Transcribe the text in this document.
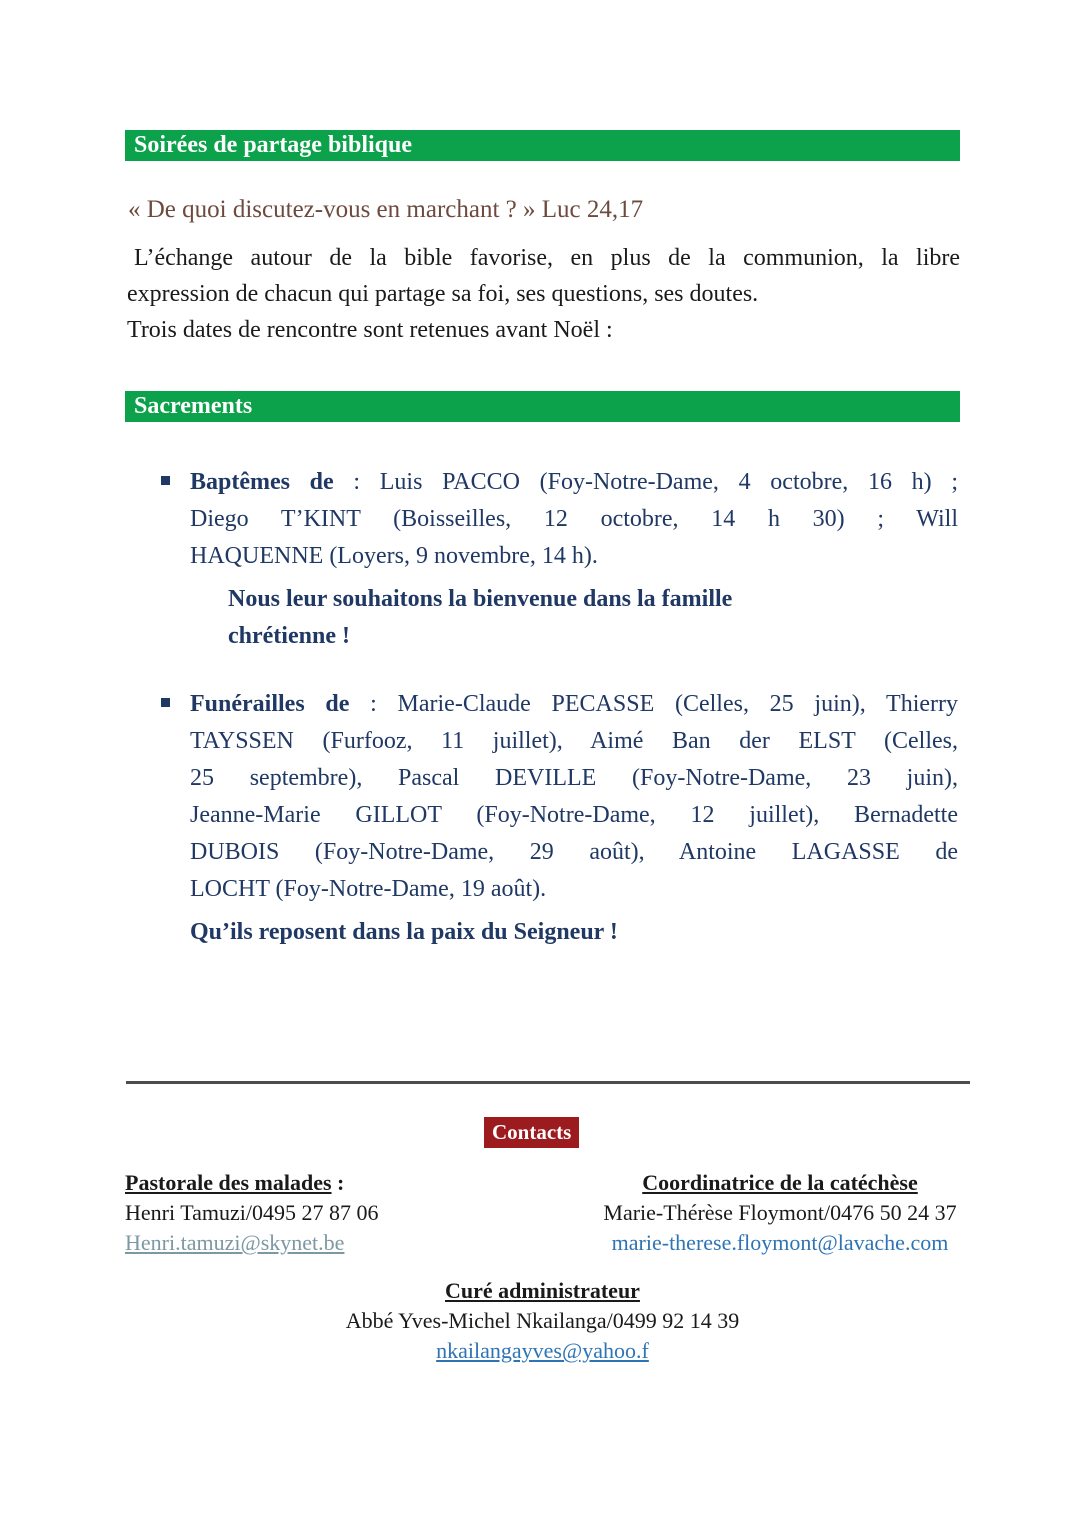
Soirées de partage biblique
« De quoi discutez-vous en marchant ? » Luc 24,17
L’échange autour de la bible favorise, en plus de la communion, la libre
expression de chacun qui partage sa foi, ses questions, ses doutes.
Trois dates de rencontre sont retenues avant Noël :
Sacrements
Baptêmes de : Luis PACCO (Foy-Notre-Dame, 4 octobre, 16 h) ;
Diego T’KINT (Boisseilles, 12 octobre, 14 h 30) ; Will
HAQUENNE (Loyers, 9 novembre, 14 h).
Nous leur souhaitons la bienvenue dans la famille
chrétienne !
Funérailles de : Marie-Claude PECASSE (Celles, 25 juin), Thierry
TAYSSEN (Furfooz, 11 juillet), Aimé Ban der ELST (Celles,
25 septembre), Pascal DEVILLE (Foy-Notre-Dame, 23 juin),
Jeanne-Marie GILLOT (Foy-Notre-Dame, 12 juillet), Bernadette
DUBOIS (Foy-Notre-Dame, 29 août), Antoine LAGASSE de
LOCHT (Foy-Notre-Dame, 19 août).
Qu’ils reposent dans la paix du Seigneur !
Contacts
Pastorale des malades :
Henri Tamuzi/0495 27 87 06
Henri.tamuzi@skynet.be
Coordinatrice de la catéchèse
Marie-Thérèse Floymont/0476 50 24 37
marie-therese.floymont@lavache.com
Curé administrateur
Abbé Yves-Michel Nkailanga/0499 92 14 39
nkailangayves@yahoo.f
